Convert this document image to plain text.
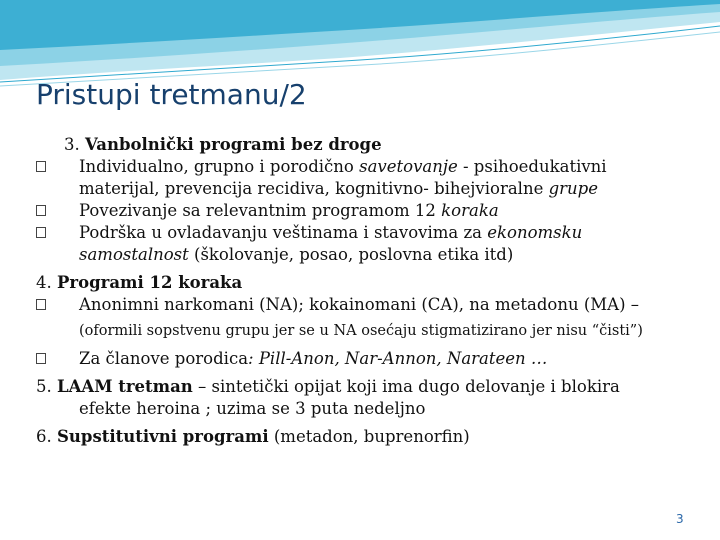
Pristupi tretmanu/2
3. Vanbolnički programi bez droge
Individualno, grupno i porodično savetovanje - psihoedukativni
materijal, prevencija recidiva, kognitivno- bihejvioralne grupe
Povezivanje sa relevantnim programom 12 koraka
Podrška u ovladavanju veštinama i stavovima za ekonomsku
samostalnost (školovanje, posao, poslovna etika itd)
4. Programi 12 koraka
Anonimni narkomani (NA); kokainomani (CA), na metadonu (MA) –
(oformili sopstvenu grupu jer se u NA osećaju stigmatizirano jer nisu “čisti”)
Za članove porodica: Pill-Anon, Nar-Annon, Narateen …
5. LAAM tretman – sintetički opijat koji ima dugo delovanje i blokira
efekte heroina ; uzima se 3 puta nedeljno
6. Supstitutivni programi (metadon, buprenorfin)
3
